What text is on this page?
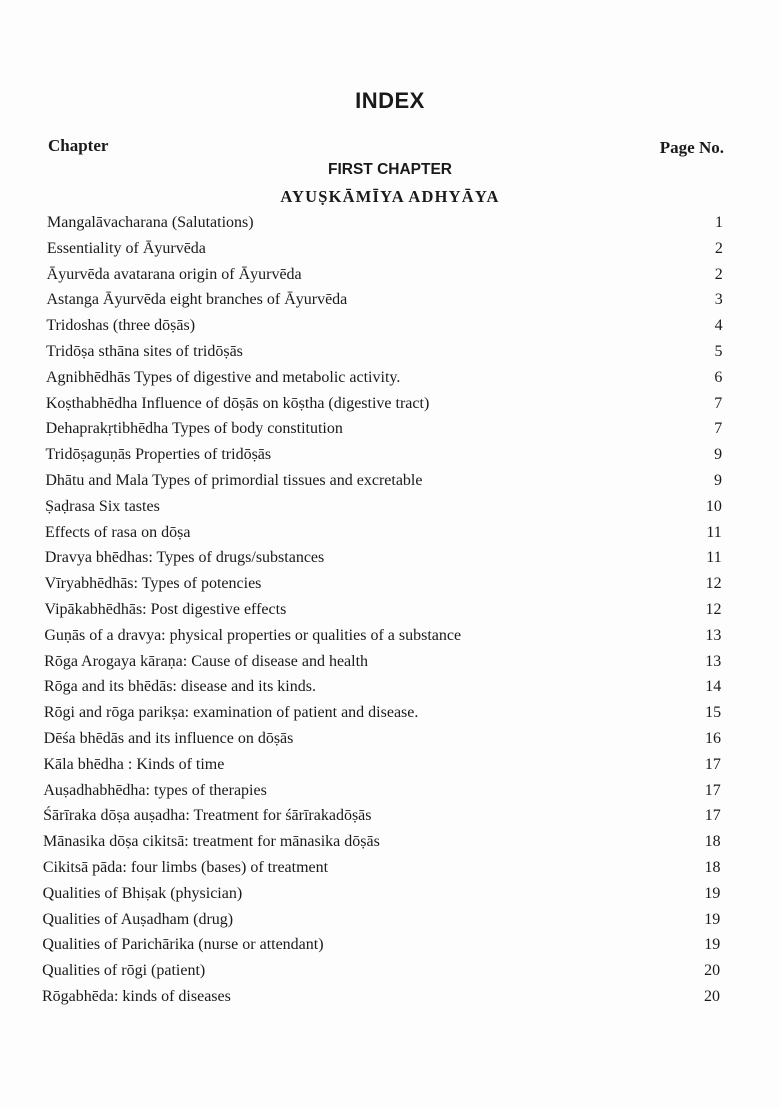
INDEX
Chapter	Page No.
FIRST CHAPTER
AYUṢKĀMĪYA ADHYĀYA
Mangalāvacharana (Salutations)	1
Essentiality of Āyurvēda	2
Āyurvēda avatarana origin of Āyurvēda	2
Astanga Āyurvēda eight branches of Āyurvēda	3
Tridoshas (three dōṣās)	4
Tridōṣa sthāna sites of tridōṣās	5
Agnibhēdhās Types of digestive and metabolic activity.	6
Koṣthabhēdha Influence of dōṣās on kōṣtha (digestive tract)	7
Dehaprakṛtibhēdha Types of body constitution	7
Tridōṣaguṇās Properties of tridōṣās	9
Dhātu and Mala Types of primordial tissues and excretable	9
Ṣaḍrasa Six tastes	10
Effects of rasa on dōṣa	11
Dravya bhēdhas: Types of drugs/substances	11
Vīryabhēdhās: Types of potencies	12
Vipākabhēdhās: Post digestive effects	12
Guṇās of a dravya: physical properties or qualities of a substance	13
Rōga Arogaya kāraṇa: Cause of disease and health	13
Rōga and its bhēdās: disease and its kinds.	14
Rōgi and rōga parikṣa: examination of patient and disease.	15
Dēśa bhēdās and its influence on dōṣās	16
Kāla bhēdha : Kinds of time	17
Auṣadhabhēdha: types of therapies	17
Śārīraka dōṣa auṣadha: Treatment for śārīrakadōṣās	17
Mānasika dōṣa cikitsā: treatment for mānasika dōṣās	18
Cikitsā pāda: four limbs (bases) of treatment	18
Qualities of Bhiṣak (physician)	19
Qualities of Auṣadham (drug)	19
Qualities of Parichārika (nurse or attendant)	19
Qualities of rōgi (patient)	20
Rōgabhēda: kinds of diseases	20
